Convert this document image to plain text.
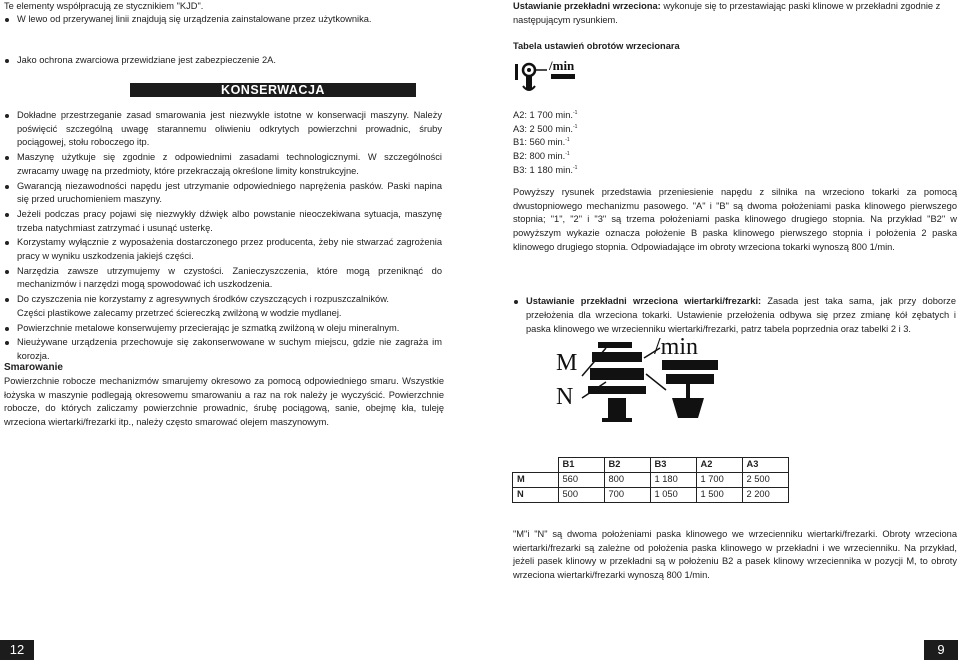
Te elementy współpracują ze stycznikiem "KJD".

W lewo od przerywanej linii znajdują się urządzenia zainstalowane przez użytkownika.

Jako ochrona zwarciowa przewidziane jest zabezpieczenie 2A.

KONSERWACJA

Dokładne przestrzeganie zasad smarowania jest niezwykle istotne w konserwacji maszyny. Należy poświęcić szczególną uwagę starannemu oliwieniu odkrytych powierzchni prowadnic, śruby pociągowej, stołu roboczego itp.

Maszynę użytkuje się zgodnie z odpowiednimi zasadami technologicznymi. W szczególności zwracamy uwagę na przedmioty, które przekraczają określone limity konstrukcyjne.

Gwarancją niezawodności napędu jest utrzymanie odpowiedniego naprężenia pasków. Paski napina się przed uruchomieniem maszyny.

Jeżeli podczas pracy pojawi się niezwykły dźwięk albo powstanie nieoczekiwana sytuacja, maszynę trzeba natychmiast zatrzymać i usunąć usterkę.

Korzystamy wyłącznie z wyposażenia dostarczonego przez producenta, żeby nie stwarzać zagrożenia pracy w wyniku uszkodzenia jakiejś części.

Narzędzia zawsze utrzymujemy w czystości. Zanieczyszczenia, które mogą przeniknąć do mechanizmów i narzędzi mogą spowodować ich uszkodzenia.

Do czyszczenia nie korzystamy z agresywnych środków czyszczących i rozpuszczalników.

Części plastikowe zalecamy przetrzeć ściereczką zwilżoną w wodzie mydlanej.

Powierzchnie metalowe konserwujemy przecierając je szmatką zwilżoną w oleju mineralnym.

Nieużywane urządzenia przechowuje się zakonserwowane w suchym miejscu, gdzie nie zagraża im korozja.

Smarowanie

Powierzchnie robocze mechanizmów smarujemy okresowo za pomocą odpowiedniego smaru. Wszystkie łożyska w maszynie podlegają okresowemu smarowaniu a raz na rok należy je wyczyścić. Powierzchnie robocze, do których zaliczamy powierzchnie prowadnic, śrubę pociągową, sanie, obejmę kła, tuleję wrzeciona wiertarki/frezarki itp., należy często smarować olejem maszynowym.

12

Ustawianie przekładni wrzeciona: wykonuje się to przestawiając paski klinowe w przekładni zgodnie z następującym rysunkiem.

Tabela ustawień obrotów wrzecionara

/min

A2: 1 700 min.$^{-1}$

A3: 2 500 min.$^{-1}$

B1: 560 min.$^{-1}$

B2: 800 min.$^{-1}$

B3: 1 180 min.$^{-1}$

Powyższy rysunek przedstawia przeniesienie napędu z silnika na wrzeciono tokarki za pomocą dwustopniowego mechanizmu pasowego. "A" i "B" są dwoma położeniami paska klinowego pierwszego stopnia; "1", "2" i "3" są trzema położeniami paska klinowego drugiego stopnia. Na przykład "B2" w powyższym wykazie oznacza położenie B paska klinowego pierwszego stopnia i położenia 2 paska klinowego drugiego stopnia. Odpowiadające im obroty wrzeciona tokarki wynoszą 800 1/min.

Ustawianie przekładni wrzeciona wiertarki/frezarki: Zasada jest taka sama, jak przy doborze przełożenia dla wrzeciona tokarki. Ustawienie przełożenia odbywa się przez zmianę kół zębatych i paska klinowego we wrzecienniku wiertarki/frezarki, patrz tabela poprzednia oraz tabelki 2 i 3.

M
N
/min
	B1	B2	B3	A2	A3
M	560	800	1 180	1 700	2 500
N	500	700	1 050	1 500	2 200

"M"i "N" są dwoma położeniami paska klinowego we wrzecienniku wiertarki/frezarki. Obroty wrzeciona wiertarki/frezarki są zależne od położenia paska klinowego w przekładni i we wrzecienniku. Na przykład, jeżeli pasek klinowy w przekładni są w położeniu B2 a pasek klinowy wrzeciennika w pozycji M, to obroty wrzeciona wiertarki/frezarki wynoszą 800 1/min.

9
